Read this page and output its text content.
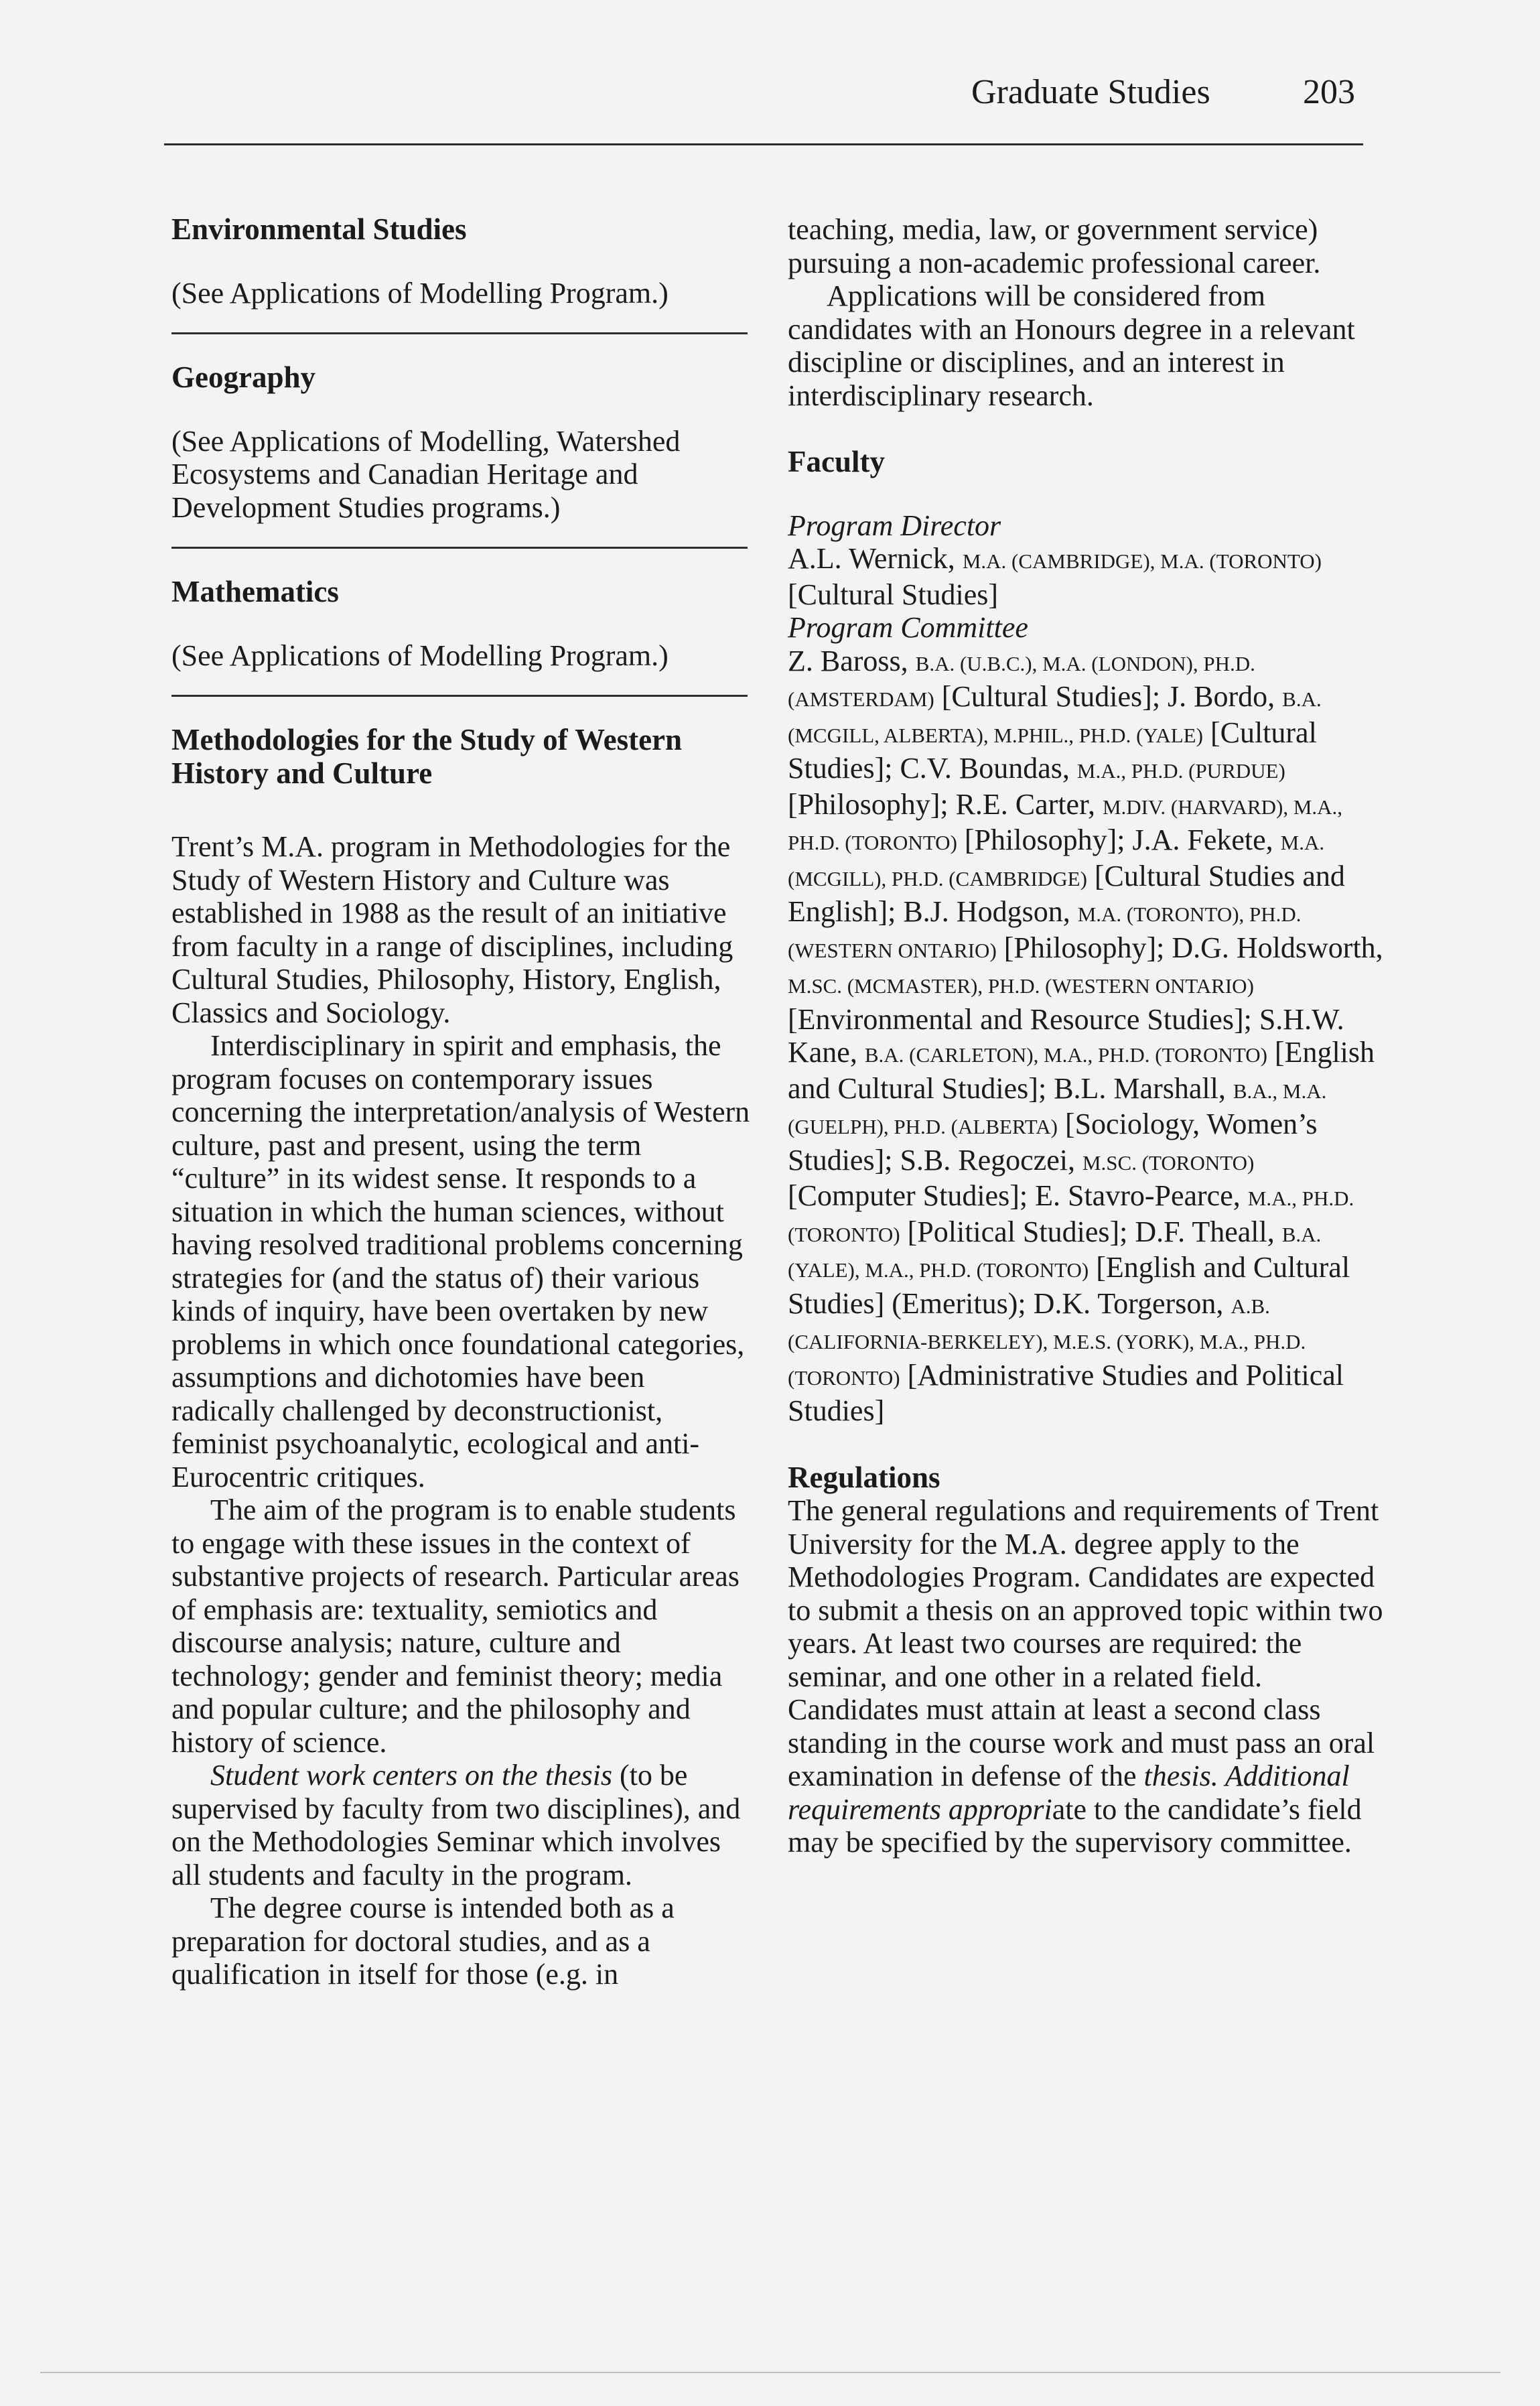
Graduate Studies	203
Environmental Studies

(See Applications of Modelling Program.)

Geography

(See Applications of Modelling, Watershed Ecosystems and Canadian Heritage and Development Studies programs.)

Mathematics

(See Applications of Modelling Program.)

Methodologies for the Study of Western History and Culture

Trent’s M.A. program in Methodologies for the Study of Western History and Culture was established in 1988 as the result of an initiative from faculty in a range of disciplines, including Cultural Studies, Philosophy, History, English, Classics and Sociology.

Interdisciplinary in spirit and emphasis, the program focuses on contemporary issues concerning the interpretation/analysis of Western culture, past and present, using the term “culture” in its widest sense. It responds to a situation in which the human sciences, without having resolved traditional problems concerning strategies for (and the status of) their various kinds of inquiry, have been overtaken by new problems in which once foundational categories, assumptions and dichotomies have been radically challenged by deconstructionist, feminist psychoanalytic, ecological and anti-Eurocentric critiques.

The aim of the program is to enable students to engage with these issues in the context of substantive projects of research. Particular areas of emphasis are: textuality, semiotics and discourse analysis; nature, culture and technology; gender and feminist theory; media and popular culture; and the philosophy and history of science.

Student work centers on the thesis (to be supervised by faculty from two disciplines), and on the Methodologies Seminar which involves all students and faculty in the program.

The degree course is intended both as a preparation for doctoral studies, and as a qualification in itself for those (e.g. in

teaching, media, law, or government service) pursuing a non-academic professional career.

Applications will be considered from candidates with an Honours degree in a relevant discipline or disciplines, and an interest in interdisciplinary research.

Faculty

Program Director

A.L. Wernick, M.A. (CAMBRIDGE), M.A. (TORONTO) [Cultural Studies]

Program Committee

Z. Baross, B.A. (U.B.C.), M.A. (LONDON), PH.D.(AMSTERDAM) [Cultural Studies]; J. Bordo, B.A. (MCGILL, ALBERTA), M.PHIL., PH.D. (YALE) [Cultural Studies]; C.V. Boundas, M.A., PH.D. (PURDUE) [Philosophy]; R.E. Carter, M.DIV. (HARVARD), M.A., PH.D. (TORONTO) [Philosophy]; J.A. Fekete, M.A. (MCGILL), PH.D. (CAMBRIDGE) [Cultural Studies and English]; B.J. Hodgson, M.A. (TORONTO), PH.D. (WESTERN ONTARIO) [Philosophy]; D.G. Holdsworth, M.SC. (MCMASTER), PH.D. (WESTERN ONTARIO) [Environmental and Resource Studies]; S.H.W. Kane, B.A. (CARLETON), M.A., PH.D. (TORONTO) [English and Cultural Studies]; B.L. Marshall, B.A., M.A. (GUELPH), PH.D. (ALBERTA) [Sociology, Women’s Studies]; S.B. Regoczei, M.SC. (TORONTO) [Computer Studies]; E. Stavro-Pearce, M.A., PH.D. (TORONTO) [Political Studies]; D.F. Theall, B.A. (YALE), M.A., PH.D. (TORONTO) [English and Cultural Studies] (Emeritus); D.K. Torgerson, A.B. (CALIFORNIA-BERKELEY), M.E.S. (YORK), M.A., PH.D. (TORONTO) [Administrative Studies and Political Studies]

Regulations

The general regulations and requirements of Trent University for the M.A. degree apply to the Methodologies Program. Candidates are expected to submit a thesis on an approved topic within two years. At least two courses are required: the seminar, and one other in a related field. Candidates must attain at least a second class standing in the course work and must pass an oral examination in defense of the thesis. Additional requirements appropriate to the candidate’s field may be specified by the supervisory committee.
